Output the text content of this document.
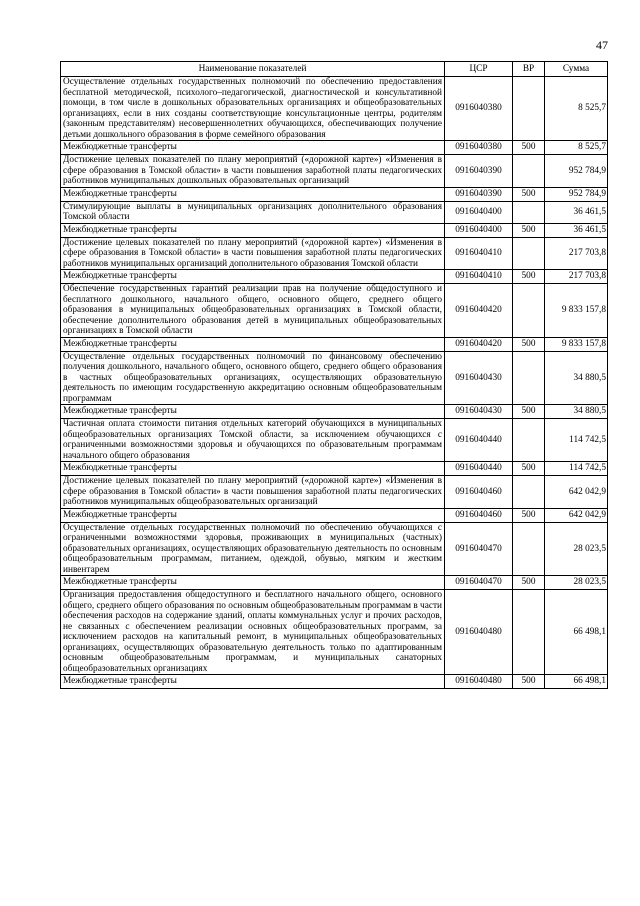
47
Наименование показателей	ЦСР	ВР	Сумма
Осуществление отдельных государственных полномочий по обеспечению предоставления бесплатной методической, психолого–педагогической, диагностической и консультативной помощи, в том числе в дошкольных образовательных организациях и общеобразовательных организациях, если в них созданы соответствующие консультационные центры, родителям (законным представителям) несовершеннолетних обучающихся, обеспечивающих получение детьми дошкольного образования в форме семейного образования	0916040380		8 525,7
Межбюджетные трансферты	0916040380	500	8 525,7
Достижение целевых показателей по плану мероприятий («дорожной карте») «Изменения в сфере образования в Томской области» в части повышения заработной платы педагогических работников муниципальных дошкольных образовательных организаций	0916040390		952 784,9
Межбюджетные трансферты	0916040390	500	952 784,9
Стимулирующие выплаты в муниципальных организациях дополнительного образования Томской области	0916040400		36 461,5
Межбюджетные трансферты	0916040400	500	36 461,5
Достижение целевых показателей по плану мероприятий («дорожной карте») «Изменения в сфере образования в Томской области» в части повышения заработной платы педагогических работников муниципальных организаций дополнительного образования Томской области	0916040410		217 703,8
Межбюджетные трансферты	0916040410	500	217 703,8
Обеспечение государственных гарантий реализации прав на получение общедоступного и бесплатного дошкольного, начального общего, основного общего, среднего общего образования в муниципальных общеобразовательных организациях в Томской области, обеспечение дополнительного образования детей в муниципальных общеобразовательных организациях в Томской области	0916040420		9 833 157,8
Межбюджетные трансферты	0916040420	500	9 833 157,8
Осуществление отдельных государственных полномочий по финансовому обеспечению получения дошкольного, начального общего, основного общего, среднего общего образования в частных общеобразовательных организациях, осуществляющих образовательную деятельность по имеющим государственную аккредитацию основным общеобразовательным программам	0916040430		34 880,5
Межбюджетные трансферты	0916040430	500	34 880,5
Частичная оплата стоимости питания отдельных категорий обучающихся в муниципальных общеобразовательных организациях Томской области, за исключением обучающихся с ограниченными возможностями здоровья и обучающихся по образовательным программам начального общего образования	0916040440		114 742,5
Межбюджетные трансферты	0916040440	500	114 742,5
Достижение целевых показателей по плану мероприятий («дорожной карте») «Изменения в сфере образования в Томской области» в части повышения заработной платы педагогических работников муниципальных общеобразовательных организаций	0916040460		642 042,9
Межбюджетные трансферты	0916040460	500	642 042,9
Осуществление отдельных государственных полномочий по обеспечению обучающихся с ограниченными возможностями здоровья, проживающих в муниципальных (частных) образовательных организациях, осуществляющих образовательную деятельность по основным общеобразовательным программам, питанием, одеждой, обувью, мягким и жестким инвентарем	0916040470		28 023,5
Межбюджетные трансферты	0916040470	500	28 023,5
Организация предоставления общедоступного и бесплатного начального общего, основного общего, среднего общего образования по основным общеобразовательным программам в части обеспечения расходов на содержание зданий, оплаты коммунальных услуг и прочих расходов, не связанных с обеспечением реализации основных общеобразовательных программ, за исключением расходов на капитальный ремонт, в муниципальных общеобразовательных организациях, осуществляющих образовательную деятельность только по адаптированным основным общеобразовательным программам, и муниципальных санаторных общеобразовательных организациях	0916040480		66 498,1
Межбюджетные трансферты	0916040480	500	66 498,1
